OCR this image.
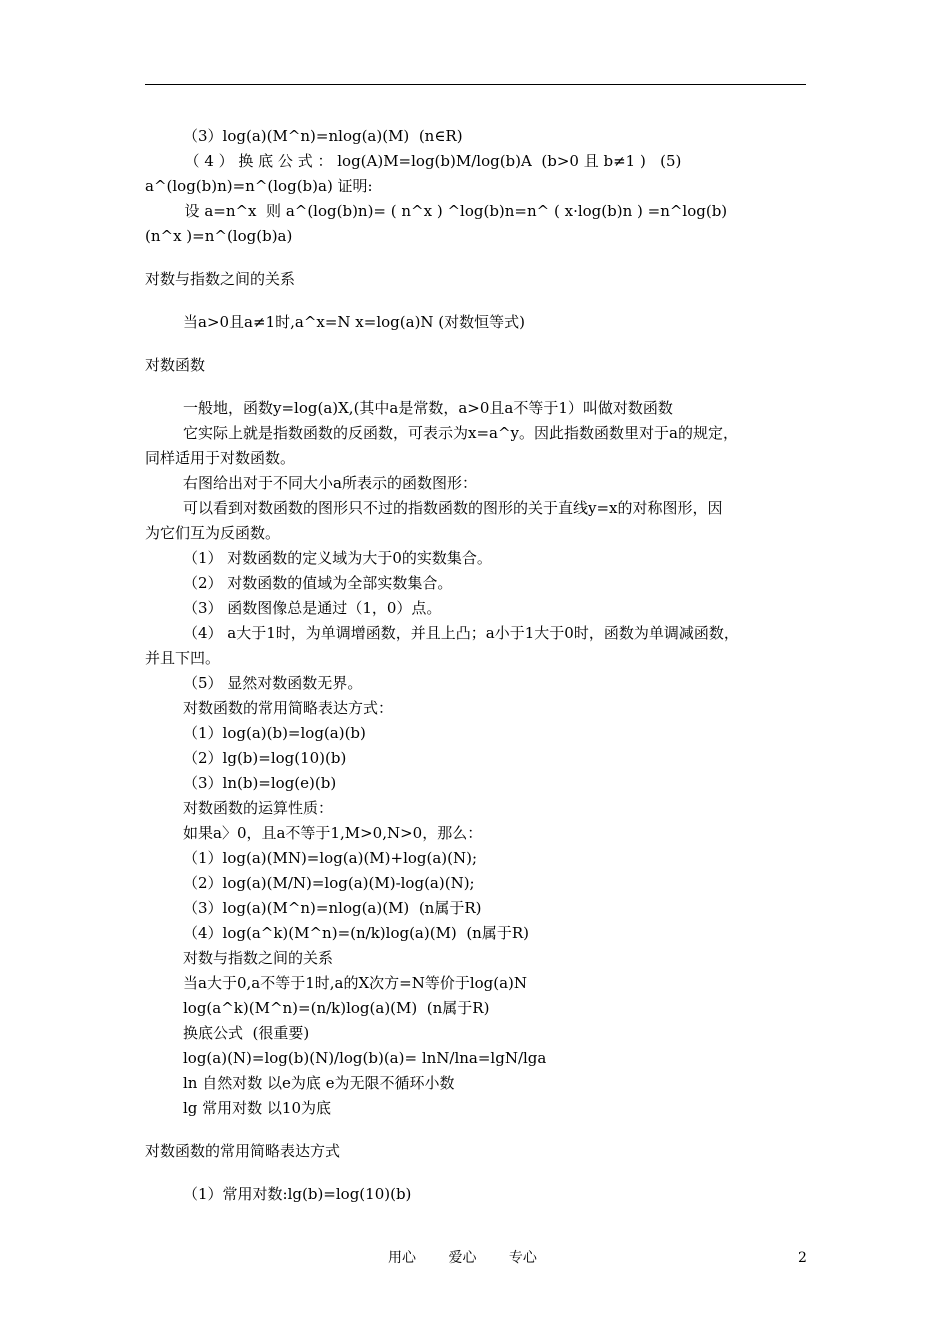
（3）log(a)(M^n)=nlog(a)(M)  (n∈R)

（ 4 ） 换 底 公 式 ： log(A)M=log(b)M/log(b)A  (b>0 且 b≠1 )   (5)

a^(log(b)n)=n^(log(b)a) 证明:

设 a=n^x  则 a^(log(b)n)= ( n^x ) ^log(b)n=n^ ( x·log(b)n ) =n^log(b)

(n^x )=n^(log(b)a)

对数与指数之间的关系

当a>0且a≠1时,a^x=N x=log(a)N (对数恒等式)

对数函数

一般地，函数y=log(a)X,(其中a是常数，a>0且a不等于1）叫做对数函数

它实际上就是指数函数的反函数，可表示为x=a^y。因此指数函数里对于a的规定，

同样适用于对数函数。

右图给出对于不同大小a所表示的函数图形：

可以看到对数函数的图形只不过的指数函数的图形的关于直线y=x的对称图形，因

为它们互为反函数。

（1） 对数函数的定义域为大于0的实数集合。

（2） 对数函数的值域为全部实数集合。

（3） 函数图像总是通过（1，0）点。

（4） a大于1时，为单调增函数，并且上凸；a小于1大于0时，函数为单调减函数，

并且下凹。

（5） 显然对数函数无界。

对数函数的常用简略表达方式：

（1）log(a)(b)=log(a)(b)

（2）lg(b)=log(10)(b)

（3）ln(b)=log(e)(b)

对数函数的运算性质：

如果a〉0，且a不等于1,M>0,N>0，那么：

（1）log(a)(MN)=log(a)(M)+log(a)(N);

（2）log(a)(M/N)=log(a)(M)-log(a)(N);

（3）log(a)(M^n)=nlog(a)(M)  (n属于R)

（4）log(a^k)(M^n)=(n/k)log(a)(M)  (n属于R)

对数与指数之间的关系

当a大于0,a不等于1时,a的X次方=N等价于log(a)N

log(a^k)(M^n)=(n/k)log(a)(M)  (n属于R)

换底公式  (很重要)

log(a)(N)=log(b)(N)/log(b)(a)= lnN/lna=lgN/lga

ln 自然对数 以e为底 e为无限不循环小数

lg 常用对数 以10为底

对数函数的常用简略表达方式

（1）常用对数:lg(b)=log(10)(b)

用心 爱心 专心	2
